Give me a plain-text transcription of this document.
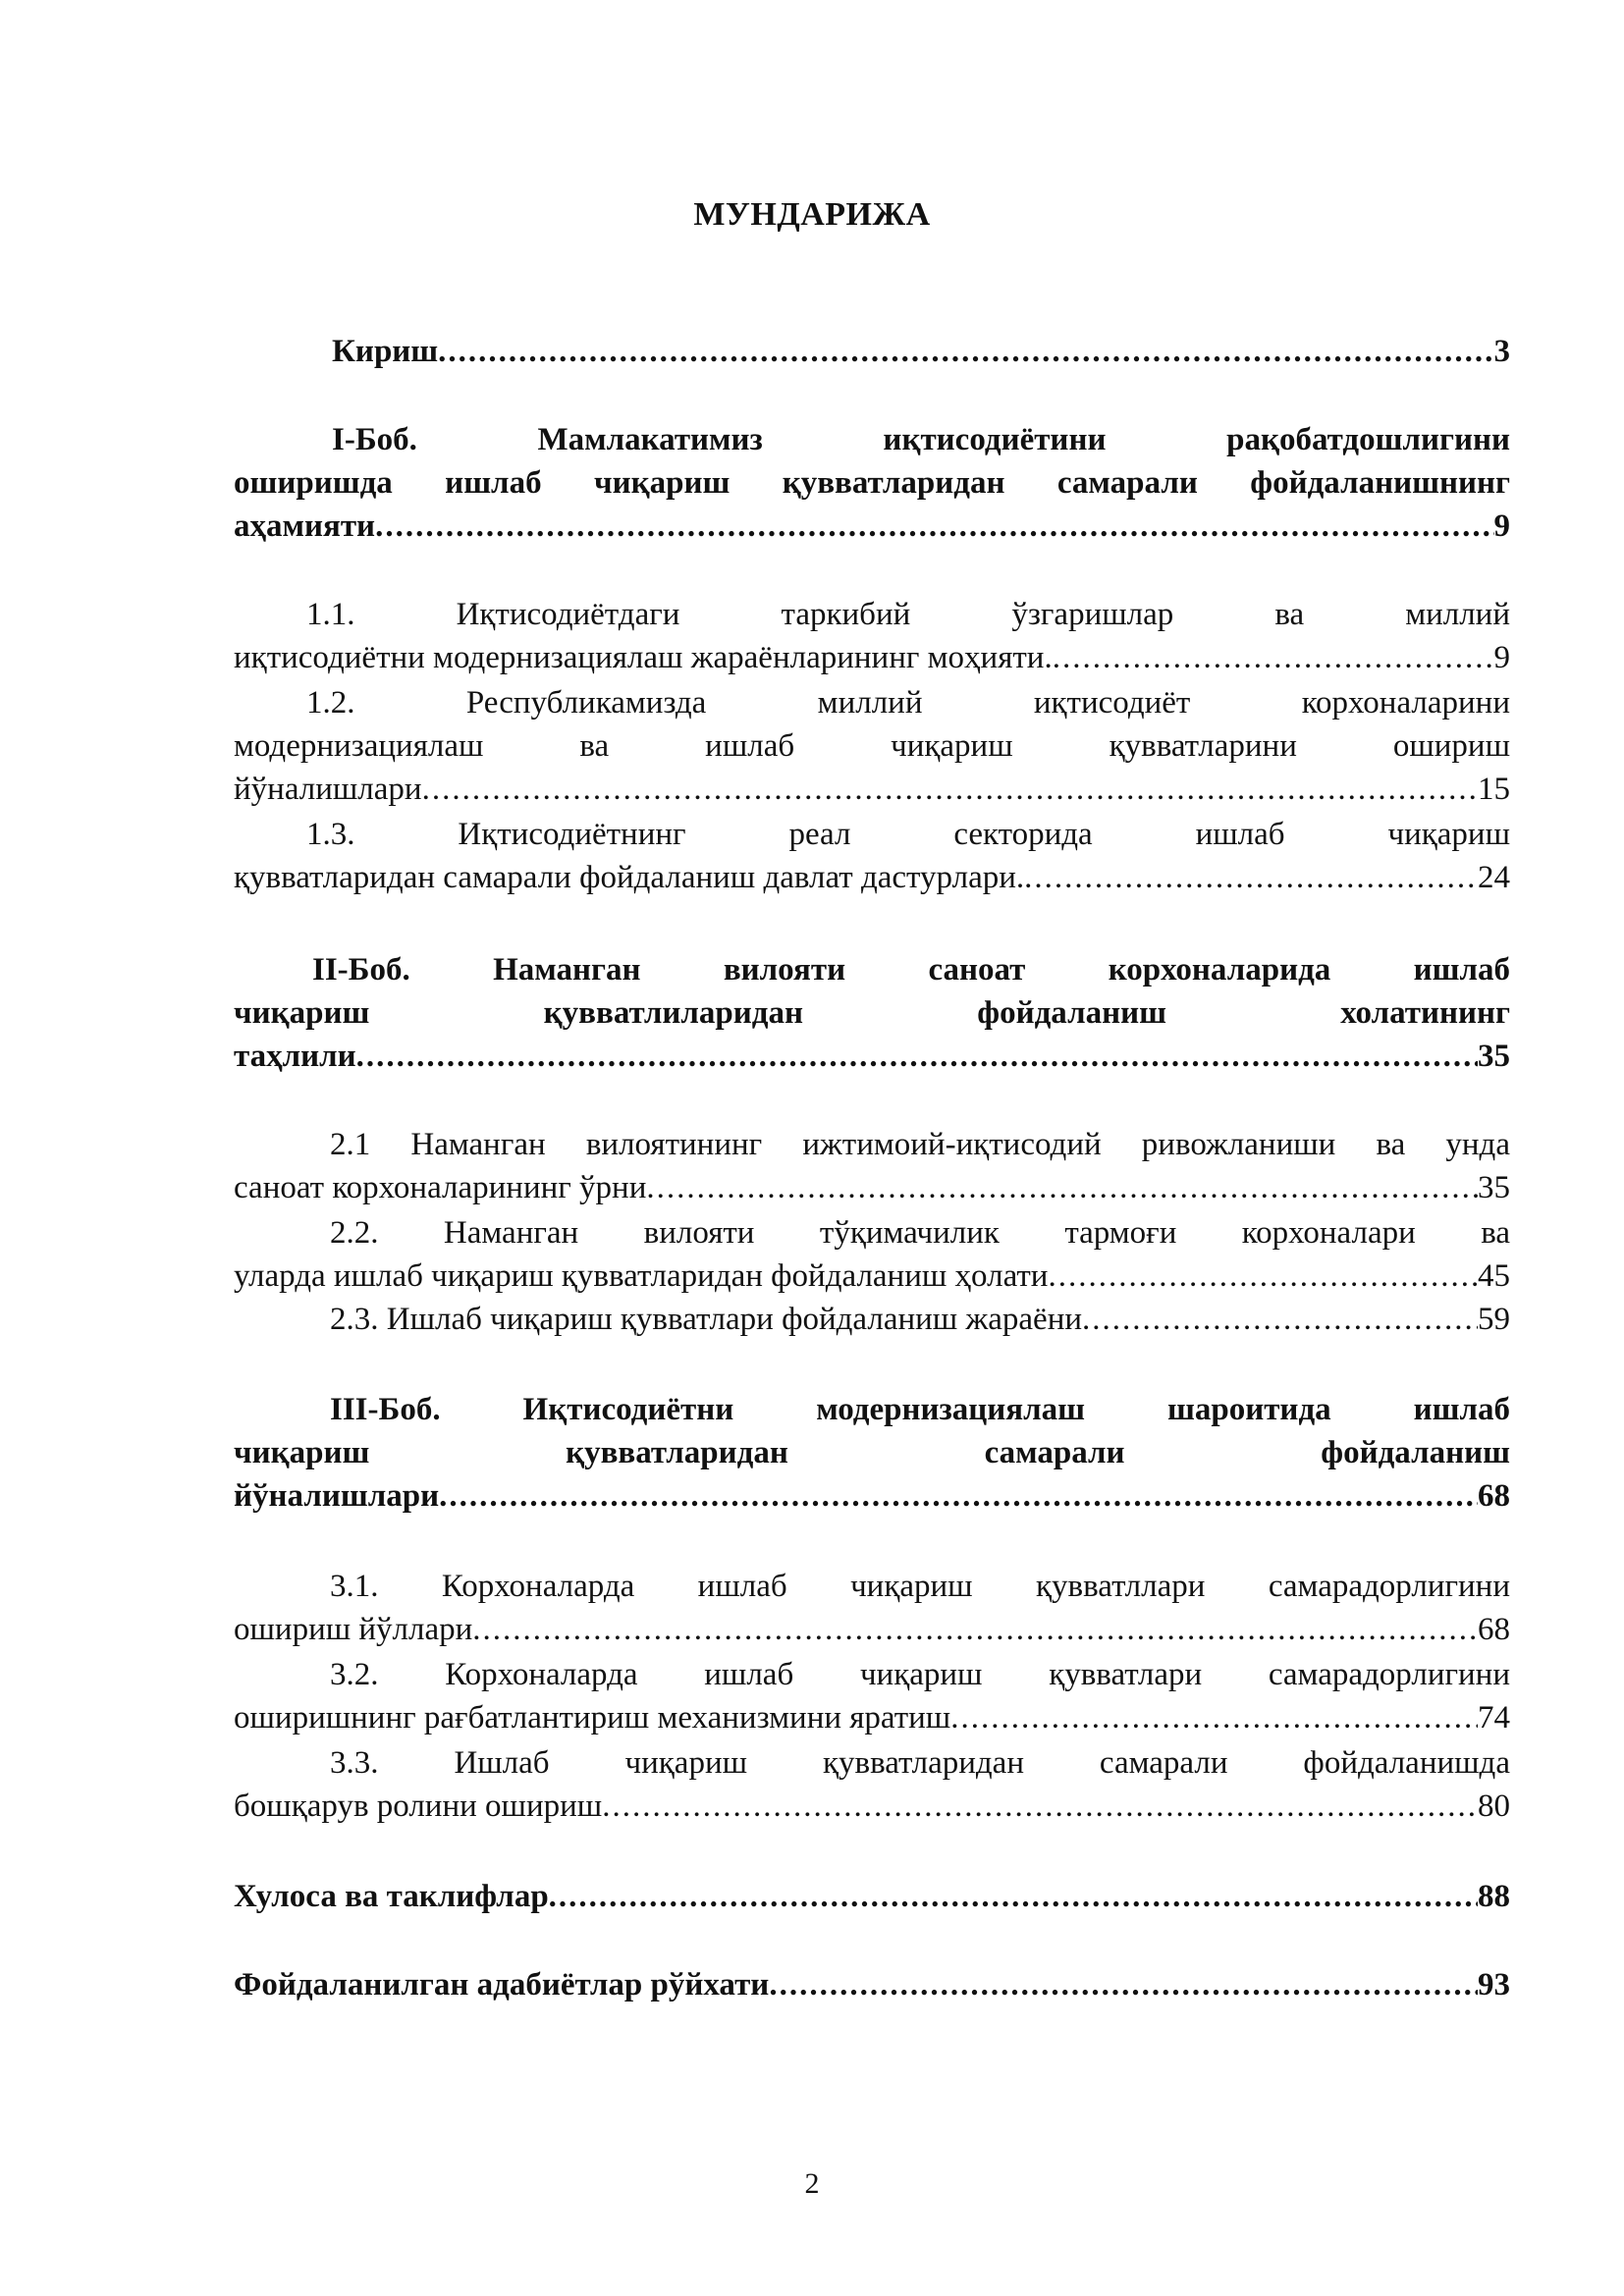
МУНДАРИЖА
Кириш .....	3
I-Боб. Мамлакатимиз иқтисодиётини рақобатдошлигини
оширишда ишлаб чиқариш қувватларидан самарали фойдаланишнинг
аҳамияти .....	9
1.1. Иқтисодиётдаги таркибий ўзгаришлар ва миллий
иқтисодиётни модернизациялаш жараёнларининг моҳияти. .....	9
1.2. Республикамизда миллий иқтисодиёт корхоналарини
модернизациялаш ва ишлаб чиқариш қувватларини ошириш
йўналишлари .....	15
1.3. Иқтисодиётнинг реал секторида ишлаб чиқариш
қувватларидан самарали фойдаланиш давлат дастурлари. .....	24
II-Боб. Наманган вилояти саноат корхоналарида ишлаб
чиқариш қувватлиларидан фойдаланиш холатининг
таҳлили .....	35
2.1 Наманган вилоятининг ижтимоий-иқтисодий ривожланиши ва унда
саноат корхоналарининг ўрни .....	35
2.2. Наманган вилояти тўқимачилик тармоғи корхоналари ва
уларда ишлаб чиқариш қувватларидан фойдаланиш ҳолати .....	45
2.3. Ишлаб чиқариш қувватлари фойдаланиш жараёни .....	59
III-Боб. Иқтисодиётни модернизациялаш шароитида ишлаб
чиқариш қувватларидан самарали фойдаланиш
йўналишлари .....	68
3.1. Корхоналарда ишлаб чиқариш қувватллари самарадорлигини
ошириш йўллари .....	68
3.2. Корхоналарда ишлаб чиқариш қувватлари самарадорлигини
оширишнинг рағбатлантириш механизмини яратиш .....	74
3.3. Ишлаб чиқариш қувватларидан самарали фойдаланишда
бошқарув ролини ошириш .....	80
Хулоса ва таклифлар .....	88
Фойдаланилган адабиётлар рўйхати .....	93
2
